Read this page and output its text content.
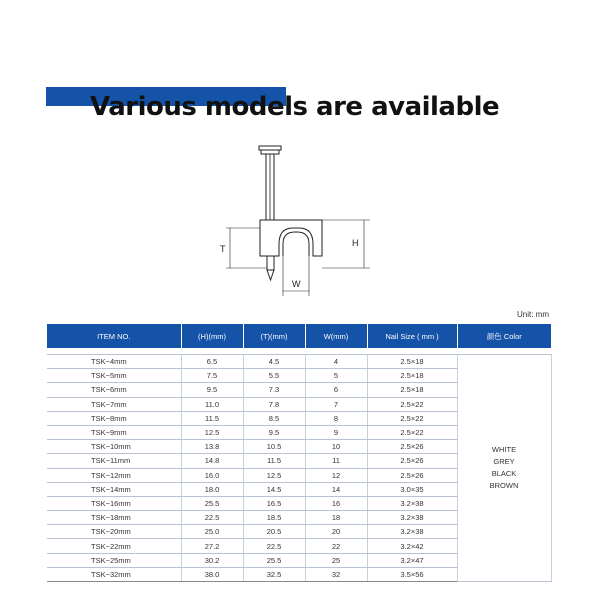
Various models are available
T
H
W
Unit: mm
ITEM NO.	(H)(mm)	(T)(mm)	W(mm)	Nail Size ( mm )	颜色 Color

TSK−4mm	6.5	4.5	4	2.5×18	WHITE
GREY
BLACK
BROWN

TSK−5mm	7.5	5.5	5	2.5×18	
TSK−6mm	9.5	7.3	6	2.5×18	
TSK−7mm	11.0	7.8	7	2.5×22	
TSK−8mm	11.5	8.5	8	2.5×22	
TSK−9mm	12.5	9.5	9	2.5×22	
TSK−10mm	13.8	10.5	10	2.5×26	
TSK−11mm	14.8	11.5	11	2.5×26	
TSK−12mm	16.0	12.5	12	2.5×26	
TSK−14mm	18.0	14.5	14	3.0×35	
TSK−16mm	25.5	16.5	16	3.2×38	
TSK−18mm	22.5	18.5	18	3.2×38	
TSK−20mm	25.0	20.5	20	3.2×38	
TSK−22mm	27.2	22.5	22	3.2×42	
TSK−25mm	30.2	25.5	25	3.2×47	
TSK−32mm	38.0	32.5	32	3.5×56	
